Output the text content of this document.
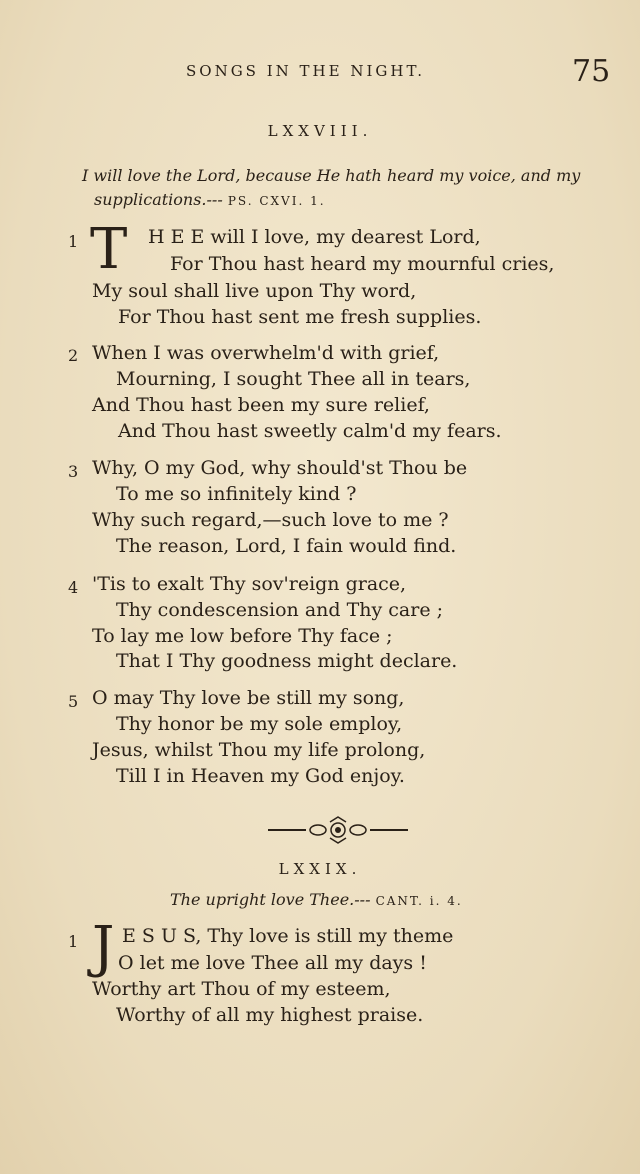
SONGS IN THE NIGHT.	75
LXXVIII.
I will love the Lord, because He hath heard my voice, and my
supplications.--- PS. CXVI. 1.
1 T H E E will I love, my dearest Lord,
For Thou hast heard my mournful cries,
My soul shall live upon Thy word,
For Thou hast sent me fresh supplies.
2 When I was overwhelm'd with grief,
Mourning, I sought Thee all in tears,
And Thou hast been my sure relief,
And Thou hast sweetly calm'd my fears.
3 Why, O my God, why should'st Thou be
To me so infinitely kind ?
Why such regard,—such love to me ?
The reason, Lord, I fain would find.
4 'Tis to exalt Thy sov'reign grace,
Thy condescension and Thy care ;
To lay me low before Thy face ;
That I Thy goodness might declare.
5 O may Thy love be still my song,
Thy honor be my sole employ,
Jesus, whilst Thou my life prolong,
Till I in Heaven my God enjoy.
LXXIX.
The upright love Thee.--- CANT. i. 4.
1 J E S U S, Thy love is still my theme
O let me love Thee all my days !
Worthy art Thou of my esteem,
Worthy of all my highest praise.
